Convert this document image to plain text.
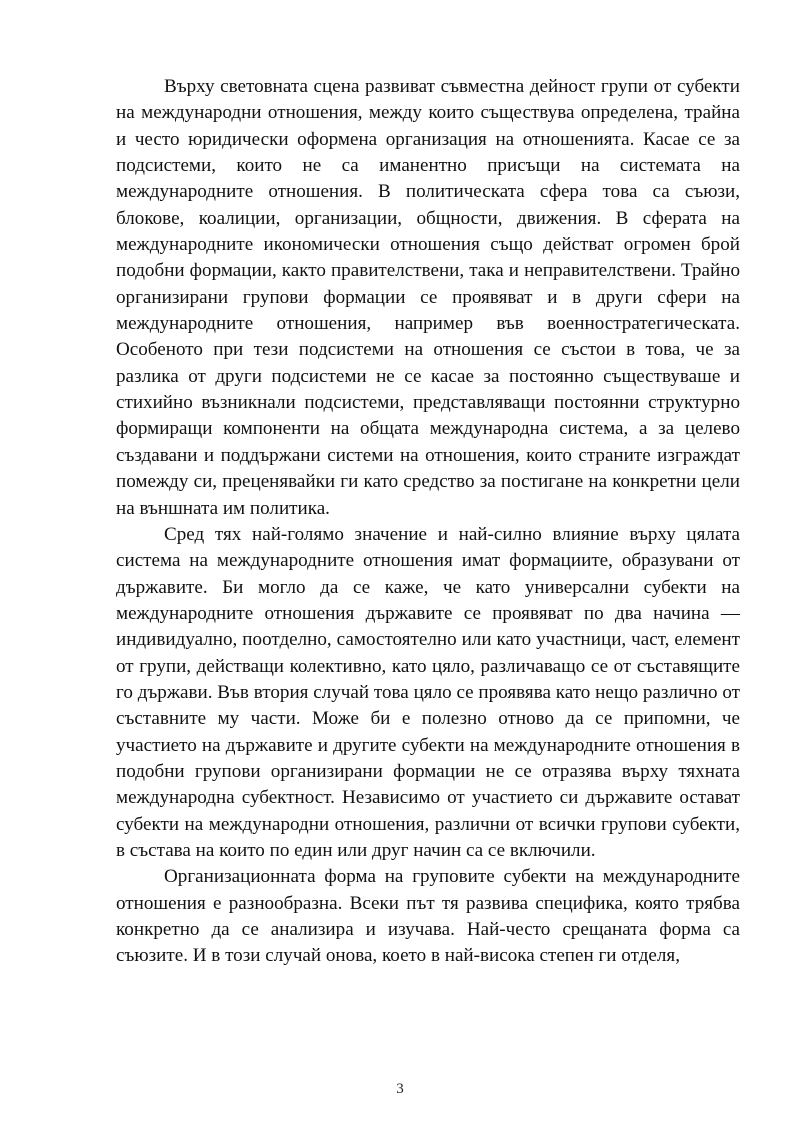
Върху световната сцена развиват съвместна дейност групи от субекти на международни отношения, между които съществува определена, трайна и често юридически оформена организация на отношенията. Касае се за подсистеми, които не са иманентно присъщи на системата на международните отношения. В политическата сфера това са съюзи, блокове, коалиции, организации, общности, движения. В сферата на международните икономически отношения също действат огромен брой подобни формации, както правителствени, така и неправителствени. Трайно организирани групови формации се проявяват и в други сфери на международните отношения, например във военностратегическата. Особеното при тези подсистеми на отношения се състои в това, че за разлика от други подсистеми не се касае за постоянно съществуваше и стихийно възникнали подсистеми, представляващи постоянни структурно формиращи компоненти на общата международна система, а за целево създавани и поддържани системи на отношения, които страните изграждат помежду си, преценявайки ги като средство за постигане на конкретни цели на външната им политика.

Сред тях най-голямо значение и най-силно влияние върху цялата система на международните отношения имат формациите, образувани от държавите. Би могло да се каже, че като универсални субекти на международните отношения държавите се проявяват по два начина — индивидуално, поотделно, самостоятелно или като участници, част, елемент от групи, действащи колективно, като цяло, различаващо се от съставящите го държави. Във втория случай това цяло се проявява като нещо различно от съставните му части. Може би е полезно отново да се припомни, че участието на държавите и другите субекти на международните отношения в подобни групови организирани формации не се отразява върху тяхната международна субектност. Независимо от участието си държавите остават субекти на международни отношения, различни от всички групови субекти, в състава на които по един или друг начин са се включили.

Организационната форма на груповите субекти на международните отношения е разнообразна. Всеки път тя развива специфика, която трябва конкретно да се анализира и изучава. Най-често срещаната форма са съюзите. И в този случай онова, което в най-висока степен ги отделя,

3
